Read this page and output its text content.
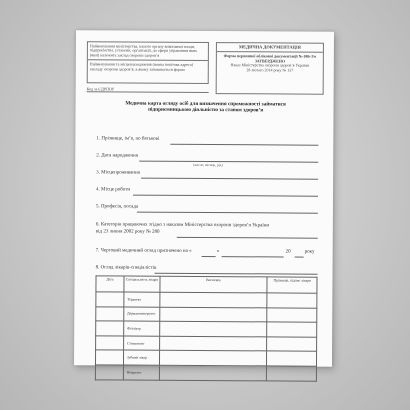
Найменування міністерства, іншого органу виконавчої влади, підприємства, установи, організації, до сфери управління яких (якої) належить заклад охорони здоров’я

Найменування та місцезнаходження (повна поштова адреса) закладу охорони здоров’я, в якому заповнюється форма

Код за ЄДРПОУ
МЕДИЧНА ДОКУМЕНТАЦІЯ
Форма первинної облікової документації № 086-3/о
ЗАТВЕРДЖЕНО
Наказ Міністерства охорони здоров’я України
28 лютого 2014 року № 157
Медична карта огляду осіб для визначення спроможності займатися
підприємницькою діяльністю за станом здоров’я
1. Прізвище, ім’я, по батькові
2. Дата народження
(число, місяць, рік)
3. Місцепроживання
4. Місце роботи
5. Професія, посада
6. Категорія працюючих згідно з наказом Міністерства охорони здоров’я України
від 23 липня 2002 року № 280
7. Черговий медичний огляд призначено на «	»	20	року
8. Огляд лікарів-спеціалістів
Дата	Спеціальність лікаря	Висновок	Прізвище, підпис лікаря
	Терапевт		
	Дерматовенеролог		
	Фтизіатр		
	Стоматолог		
	Зубний лікар		
	Невролог		
